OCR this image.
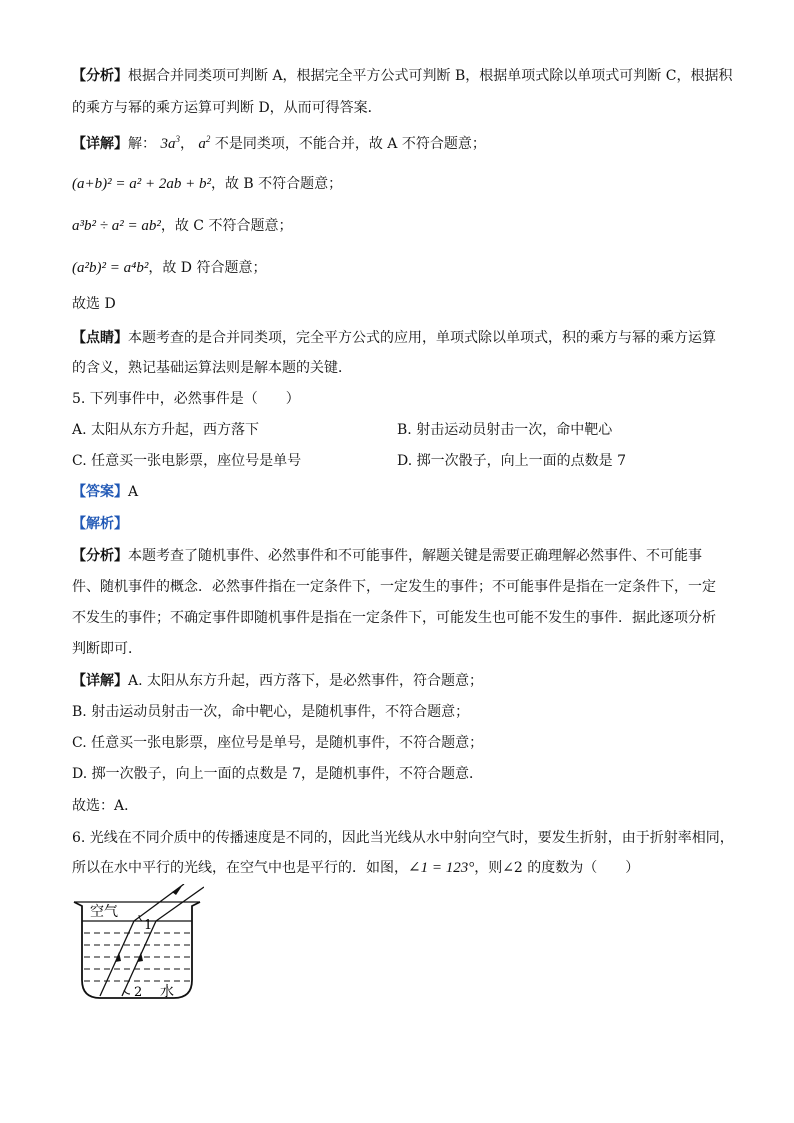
【分析】根据合并同类项可判断 A，根据完全平方公式可判断 B，根据单项式除以单项式可判断 C，根据积
的乘方与幂的乘方运算可判断 D，从而可得答案．
【详解】解： $3a^3$， $a^2$ 不是同类项，不能合并，故 A 不符合题意；
(a+b)² = a² + 2ab + b²，故 B 不符合题意；
a³b² ÷ a² = ab²，故 C 不符合题意；
(a²b)² = a⁴b²，故 D 符合题意；
故选 D
【点睛】本题考查的是合并同类项，完全平方公式的应用，单项式除以单项式，积的乘方与幂的乘方运算
的含义，熟记基础运算法则是解本题的关键．
5. 下列事件中，必然事件是（　　）
A. 太阳从东方升起，西方落下	B. 射击运动员射击一次，命中靶心
C. 任意买一张电影票，座位号是单号	D. 掷一次骰子，向上一面的点数是 7
【答案】A
【解析】
【分析】本题考查了随机事件、必然事件和不可能事件，解题关键是需要正确理解必然事件、不可能事
件、随机事件的概念．必然事件指在一定条件下，一定发生的事件；不可能事件是指在一定条件下，一定
不发生的事件；不确定事件即随机事件是指在一定条件下，可能发生也可能不发生的事件．据此逐项分析
判断即可．
【详解】A. 太阳从东方升起，西方落下，是必然事件，符合题意；
B. 射击运动员射击一次，命中靶心，是随机事件，不符合题意；
C. 任意买一张电影票，座位号是单号，是随机事件，不符合题意；
D. 掷一次骰子，向上一面的点数是 7，是随机事件，不符合题意．
故选：A．
6. 光线在不同介质中的传播速度是不同的，因此当光线从水中射向空气时，要发生折射，由于折射率相同，
所以在水中平行的光线，在空气中也是平行的．如图，∠1 = 123°，则∠2 的度数为（　　）
空气
1
2 水
